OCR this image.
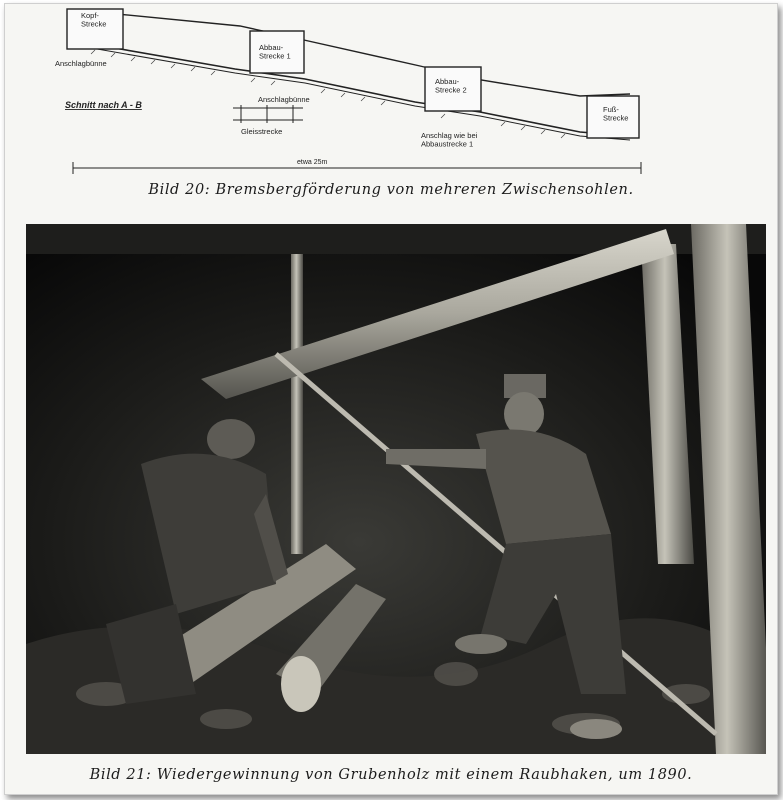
Kopf-Strecke
Abbau-Strecke 1
Abbau-Strecke 2
Fuß-Strecke
Anschlagbünne
Schnitt nach A - B
Anschlagbünne
Gleisstrecke	Anschlag wie bei Abbaustrecke 1
etwa 25m
Bild 20: Bremsbergförderung von mehreren Zwischensohlen.
Bild 21: Wiedergewinnung von Grubenholz mit einem Raubhaken, um 1890.
